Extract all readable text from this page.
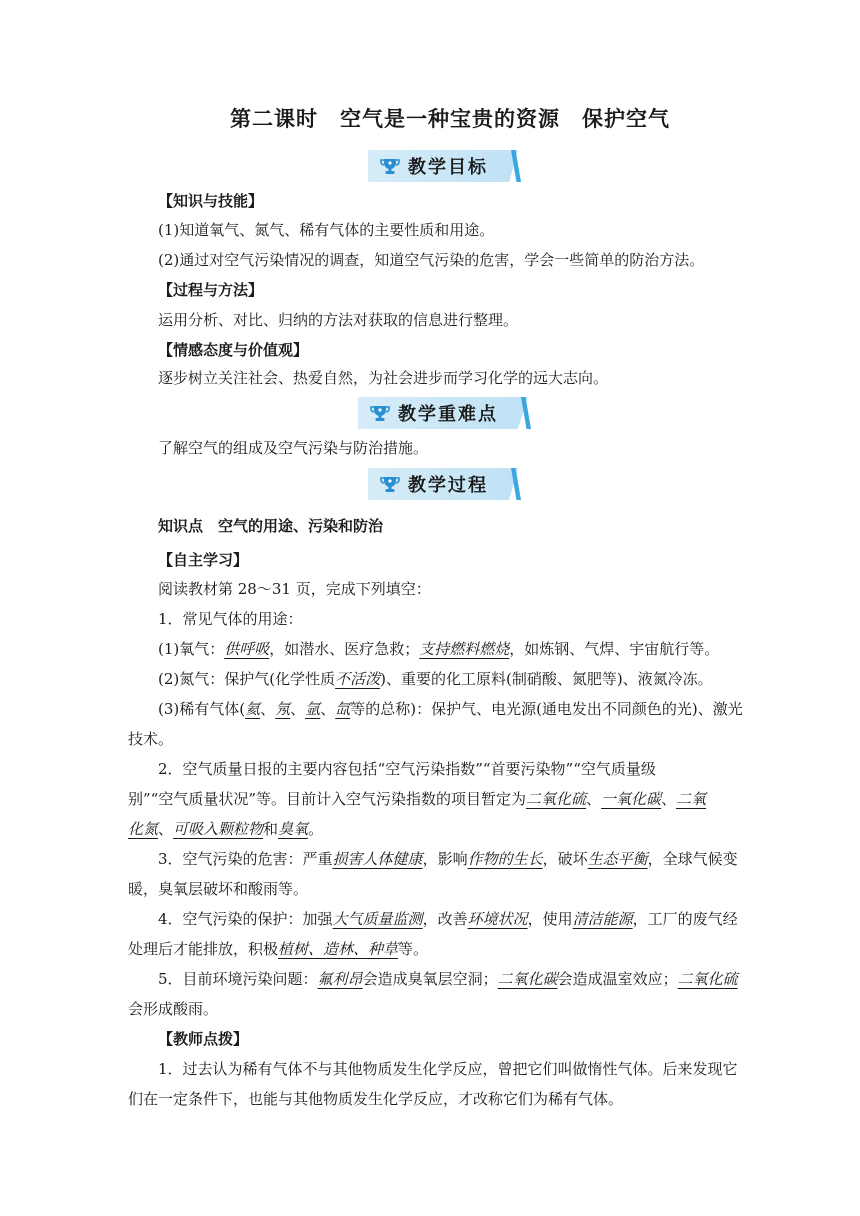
第二课时　空气是一种宝贵的资源　保护空气
教学目标
【知识与技能】
(1)知道氧气、氮气、稀有气体的主要性质和用途。
(2)通过对空气污染情况的调查，知道空气污染的危害，学会一些简单的防治方法。
【过程与方法】
运用分析、对比、归纳的方法对获取的信息进行整理。
【情感态度与价值观】
逐步树立关注社会、热爱自然，为社会进步而学习化学的远大志向。
教学重难点
了解空气的组成及空气污染与防治措施。
教学过程
知识点　空气的用途、污染和防治
【自主学习】
阅读教材第 28～31 页，完成下列填空：
1．常见气体的用途：
(1)氧气：供呼吸，如潜水、医疗急救；支持燃料燃烧，如炼钢、气焊、宇宙航行等。
(2)氮气：保护气(化学性质不活泼)、重要的化工原料(制硝酸、氮肥等)、液氮冷冻。
(3)稀有气体(氦、氖、氩、氙等的总称)：保护气、电光源(通电发出不同颜色的光)、激光
技术。
2．空气质量日报的主要内容包括“空气污染指数”“首要污染物”“空气质量级
别”“空气质量状况”等。目前计入空气污染指数的项目暂定为二氧化硫、一氧化碳、二氧
化氮、可吸入颗粒物和臭氧。
3．空气污染的危害：严重损害人体健康，影响作物的生长，破坏生态平衡，全球气候变
暖，臭氧层破坏和酸雨等。
4．空气污染的保护：加强大气质量监测，改善环境状况，使用清洁能源，工厂的废气经
处理后才能排放，积极植树、造林、种草等。
5．目前环境污染问题：氟利昂会造成臭氧层空洞；二氧化碳会造成温室效应；二氧化硫
会形成酸雨。
【教师点拨】
1．过去认为稀有气体不与其他物质发生化学反应，曾把它们叫做惰性气体。后来发现它
们在一定条件下，也能与其他物质发生化学反应，才改称它们为稀有气体。
